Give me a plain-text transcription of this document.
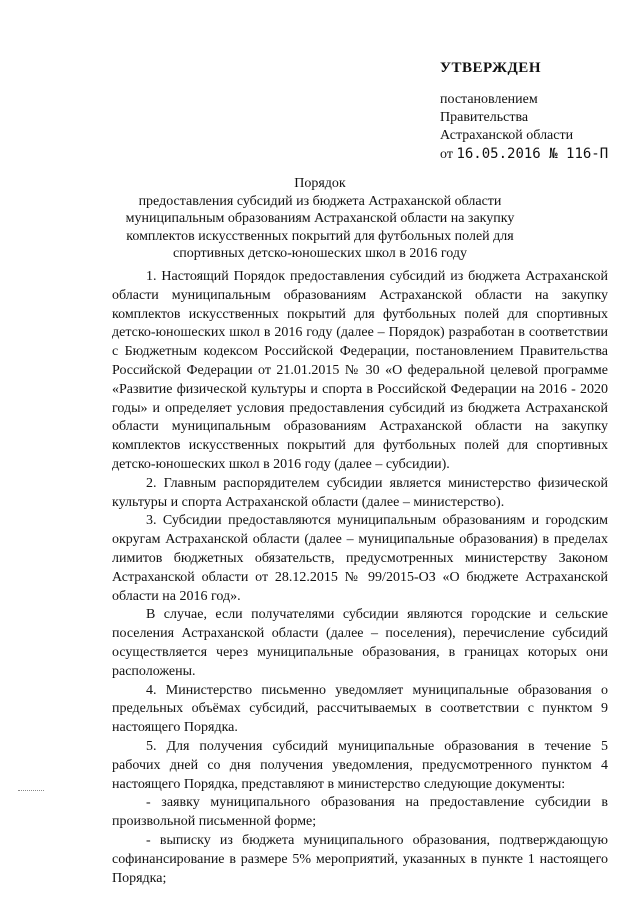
УТВЕРЖДЕН
постановлением
Правительства
Астраханской области
от 16.05.2016 № 116-П
Порядок
предоставления субсидий из бюджета Астраханской области муниципальным образованиям Астраханской области на закупку комплектов искусственных покрытий для футбольных полей для спортивных детско-юношеских школ в 2016 году

1. Настоящий Порядок предоставления субсидий из бюджета Астраханской области муниципальным образованиям Астраханской области на закупку комплектов искусственных покрытий для футбольных полей для спортивных детско-юношеских школ в 2016 году (далее – Порядок) разработан в соответствии с Бюджетным кодексом Российской Федерации, постановлением Правительства Российской Федерации от 21.01.2015 № 30 «О федеральной целевой программе «Развитие физической культуры и спорта в Российской Федерации на 2016 - 2020 годы» и определяет условия предоставления субсидий из бюджета Астраханской области муниципальным образованиям Астраханской области на закупку комплектов искусственных покрытий для футбольных полей для спортивных детско-юношеских школ в 2016 году (далее – субсидии).

2. Главным распорядителем субсидии является министерство физической культуры и спорта Астраханской области (далее – министерство).

3. Субсидии предоставляются муниципальным образованиям и городским округам Астраханской области (далее – муниципальные образования) в пределах лимитов бюджетных обязательств, предусмотренных министерству Законом Астраханской области от 28.12.2015 № 99/2015-ОЗ «О бюджете Астраханской области на 2016 год».

В случае, если получателями субсидии являются городские и сельские поселения Астраханской области (далее – поселения), перечисление субсидий осуществляется через муниципальные образования, в границах которых они расположены.

4. Министерство письменно уведомляет муниципальные образования о предельных объёмах субсидий, рассчитываемых в соответствии с пунктом 9 настоящего Порядка.

5. Для получения субсидий муниципальные образования в течение 5 рабочих дней со дня получения уведомления, предусмотренного пунктом 4 настоящего Порядка, представляют в министерство следующие документы:

- заявку муниципального образования на предоставление субсидии в произвольной письменной форме;

- выписку из бюджета муниципального образования, подтверждающую софинансирование в размере 5% мероприятий, указанных в пункте 1 настоящего Порядка;
